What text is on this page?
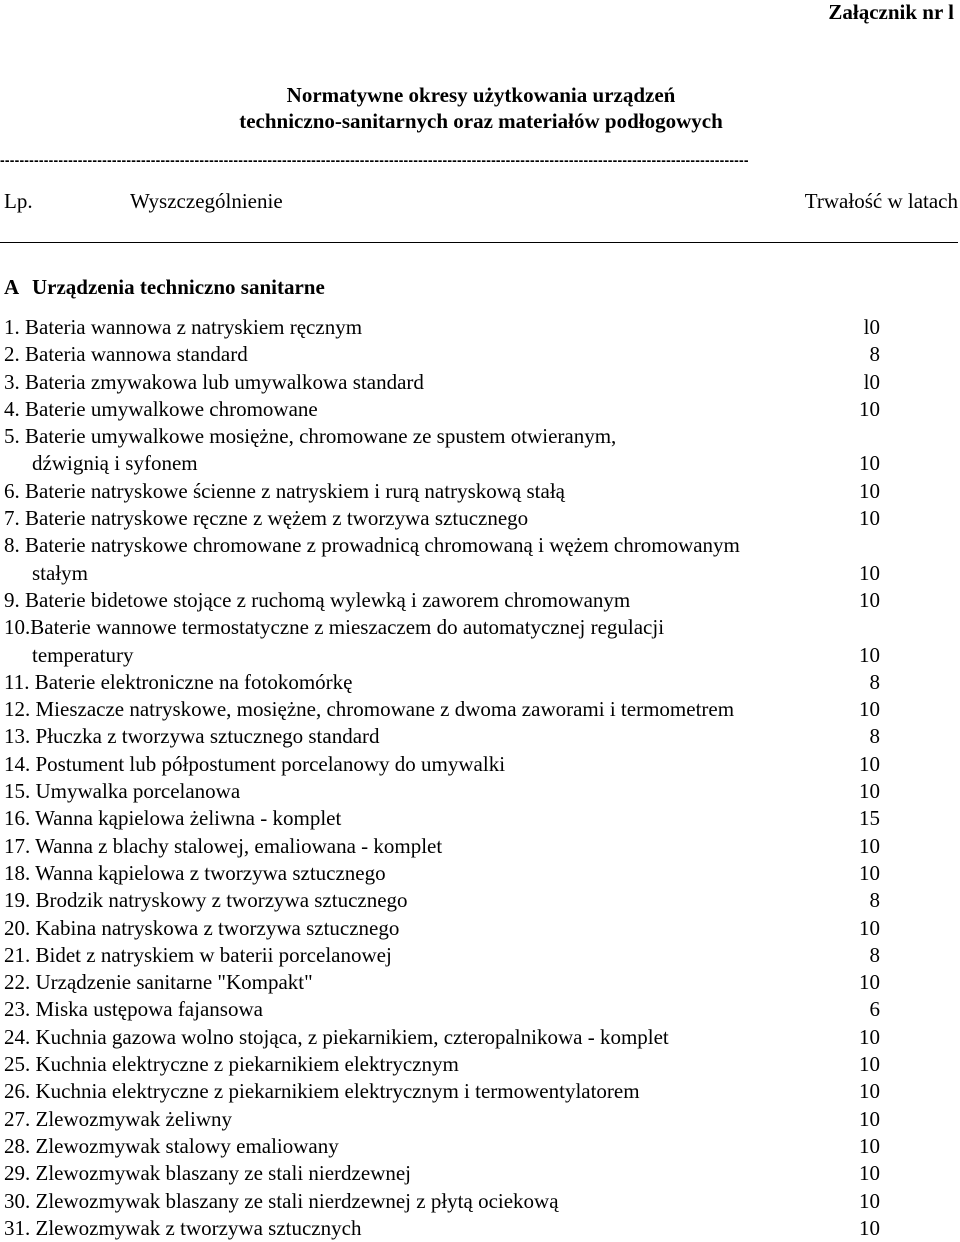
Załącznik nr l
Normatywne okresy użytkowania urządzeń
techniczno-sanitarnych oraz materiałów podłogowych
----------------------------------------------------------------------------------------------------------------------------------------------------------
Lp.	Wyszczególnienie	Trwałość w latach
A Urządzenia techniczno sanitarne
1. Bateria wannowa z natryskiem ręcznym	l0
2. Bateria wannowa standard	8
3. Bateria zmywakowa lub umywalkowa standard	l0
4. Baterie umywalkowe chromowane	10
5. Baterie umywalkowe mosiężne, chromowane ze spustem otwieranym,
dźwignią i syfonem	10
6. Baterie natryskowe ścienne z natryskiem i rurą natryskową stałą	10
7. Baterie natryskowe ręczne z wężem z tworzywa sztucznego	10
8. Baterie natryskowe chromowane z prowadnicą chromowaną i wężem chromowanym
stałym	10
9. Baterie bidetowe stojące z ruchomą wylewką i zaworem chromowanym	10
10.Baterie wannowe termostatyczne z mieszaczem do automatycznej regulacji
temperatury	10
11. Baterie elektroniczne na fotokomórkę	8
12. Mieszacze natryskowe, mosiężne, chromowane z dwoma zaworami i termometrem	10
13. Płuczka z tworzywa sztucznego standard	8
14. Postument lub półpostument porcelanowy do umywalki	10
15. Umywalka porcelanowa	10
16. Wanna kąpielowa żeliwna - komplet	15
17. Wanna z blachy stalowej, emaliowana - komplet	10
18. Wanna kąpielowa z tworzywa sztucznego	10
19. Brodzik natryskowy z tworzywa sztucznego	8
20. Kabina natryskowa z tworzywa sztucznego	10
21. Bidet z natryskiem w baterii porcelanowej	8
22. Urządzenie sanitarne "Kompakt"	10
23. Miska ustępowa fajansowa	6
24. Kuchnia gazowa wolno stojąca, z piekarnikiem, czteropalnikowa - komplet	10
25. Kuchnia elektryczne z piekarnikiem elektrycznym	10
26. Kuchnia elektryczne z piekarnikiem elektrycznym i termowentylatorem	10
27. Zlewozmywak żeliwny	10
28. Zlewozmywak stalowy emaliowany	10
29. Zlewozmywak blaszany ze stali nierdzewnej	10
30. Zlewozmywak blaszany ze stali nierdzewnej z płytą ociekową	10
31. Zlewozmywak z tworzywa sztucznych	10
